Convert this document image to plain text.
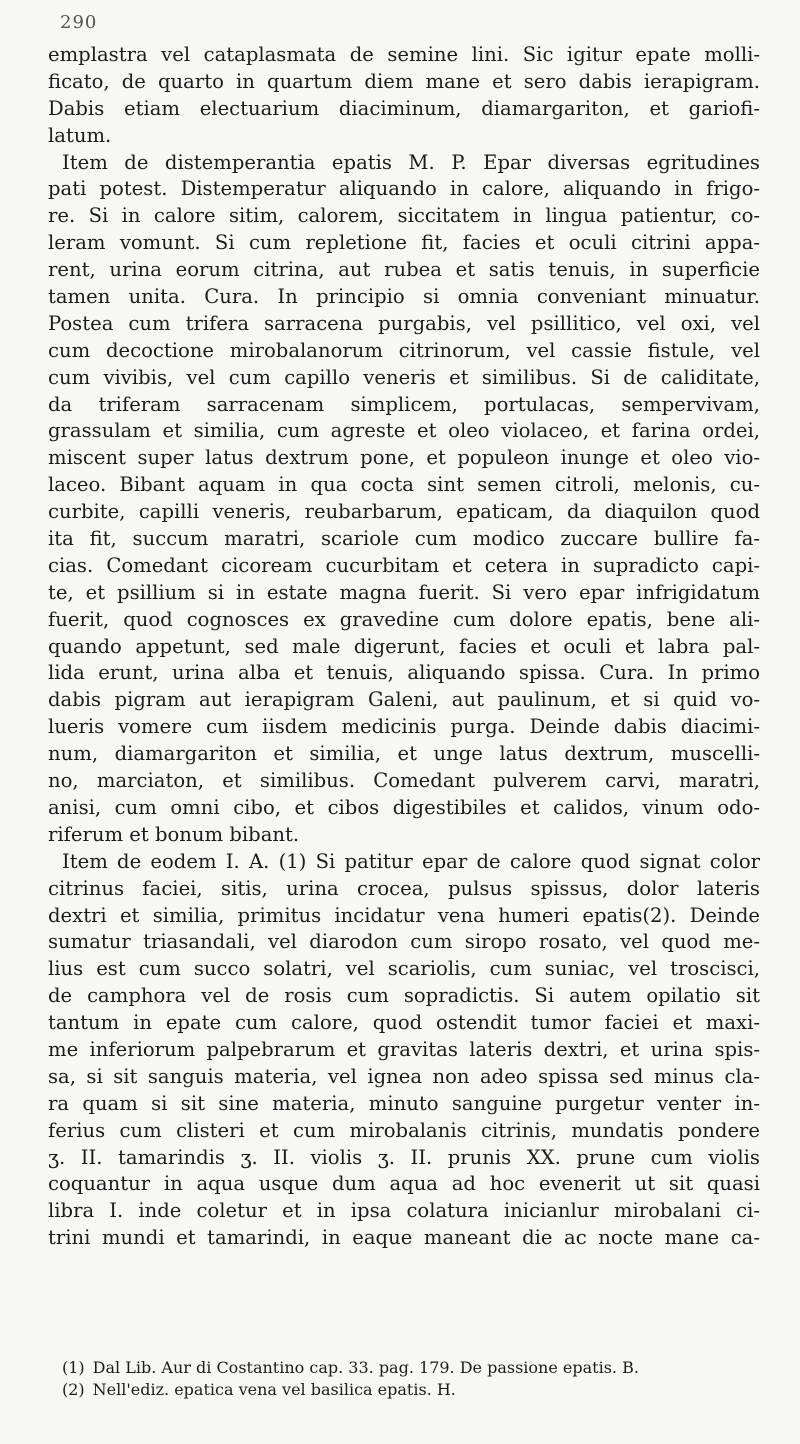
290
emplastra vel cataplasmata de semine lini. Sic igitur epate molli-
ficato, de quarto in quartum diem mane et sero dabis ierapigram.
Dabis etiam electuarium diaciminum, diamargariton, et gariofi-
latum.
Item de distemperantia epatis M. P. Epar diversas egritudines
pati potest. Distemperatur aliquando in calore, aliquando in frigo-
re. Si in calore sitim, calorem, siccitatem in lingua patientur, co-
leram vomunt. Si cum repletione fit, facies et oculi citrini appa-
rent, urina eorum citrina, aut rubea et satis tenuis, in superficie
tamen unita. Cura. In principio si omnia conveniant minuatur.
Postea cum trifera sarracena purgabis, vel psillitico, vel oxi, vel
cum decoctione mirobalanorum citrinorum, vel cassie fistule, vel
cum vivibis, vel cum capillo veneris et similibus. Si de caliditate,
da triferam sarracenam simplicem, portulacas, sempervivam,
grassulam et similia, cum agreste et oleo violaceo, et farina ordei,
miscent super latus dextrum pone, et populeon inunge et oleo vio-
laceo. Bibant aquam in qua cocta sint semen citroli, melonis, cu-
curbite, capilli veneris, reubarbarum, epaticam, da diaquilon quod
ita fit, succum maratri, scariole cum modico zuccare bullire fa-
cias. Comedant cicoream cucurbitam et cetera in supradicto capi-
te, et psillium si in estate magna fuerit. Si vero epar infrigidatum
fuerit, quod cognosces ex gravedine cum dolore epatis, bene ali-
quando appetunt, sed male digerunt, facies et oculi et labra pal-
lida erunt, urina alba et tenuis, aliquando spissa. Cura. In primo
dabis pigram aut ierapigram Galeni, aut paulinum, et si quid vo-
lueris vomere cum iisdem medicinis purga. Deinde dabis diacimi-
num, diamargariton et similia, et unge latus dextrum, muscelli-
no, marciaton, et similibus. Comedant pulverem carvi, maratri,
anisi, cum omni cibo, et cibos digestibiles et calidos, vinum odo-
riferum et bonum bibant.
Item de eodem I. A. (1) Si patitur epar de calore quod signat color
citrinus faciei, sitis, urina crocea, pulsus spissus, dolor lateris
dextri et similia, primitus incidatur vena humeri epatis(2). Deinde
sumatur triasandali, vel diarodon cum siropo rosato, vel quod me-
lius est cum succo solatri, vel scariolis, cum suniac, vel troscisci,
de camphora vel de rosis cum sopradictis. Si autem opilatio sit
tantum in epate cum calore, quod ostendit tumor faciei et maxi-
me inferiorum palpebrarum et gravitas lateris dextri, et urina spis-
sa, si sit sanguis materia, vel ignea non adeo spissa sed minus cla-
ra quam si sit sine materia, minuto sanguine purgetur venter in-
ferius cum clisteri et cum mirobalanis citrinis, mundatis pondere
ʒ. II. tamarindis ʒ. II. violis ʒ. II. prunis XX. prune cum violis
coquantur in aqua usque dum aqua ad hoc evenerit ut sit quasi
libra I. inde coletur et in ipsa colatura inicianlur mirobalani ci-
trini mundi et tamarindi, in eaque maneant die ac nocte mane ca-
(1) Dal Lib. Aur di Costantino cap. 33. pag. 179. De passione epatis. B.
(2) Nell'ediz. epatica vena vel basilica epatis. H.
